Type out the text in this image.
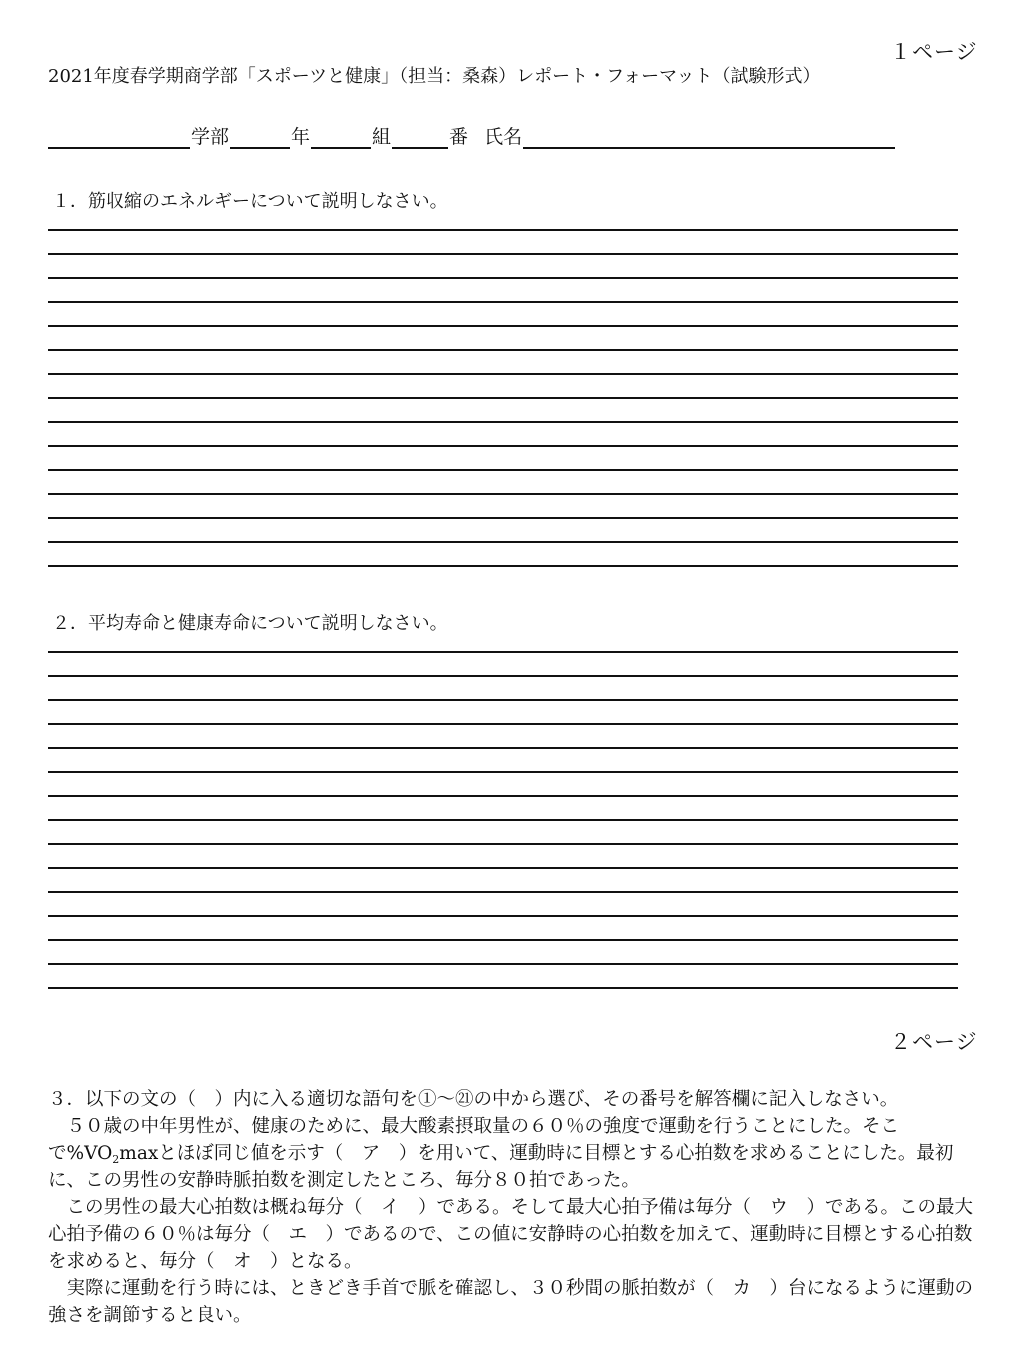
１ページ
2021年度春学期商学部「スポーツと健康」（担当：桑森）レポート・フォーマット（試験形式）
学部	年	組	番 氏名
１．筋収縮のエネルギーについて説明しなさい。
２．平均寿命と健康寿命について説明しなさい。
２ページ

３．以下の文の（　）内に入る適切な語句を①〜㉑の中から選び、その番号を解答欄に記入しなさい。

５０歳の中年男性が、健康のために、最大酸素摂取量の６０％の強度で運動を行うことにした。そこで$\%VO_2\max$とほぼ同じ値を示す（　ア　）を用いて、運動時に目標とする心拍数を求めることにした。最初に、この男性の安静時脈拍数を測定したところ、毎分８０拍であった。

この男性の最大心拍数は概ね毎分（　イ　）である。そして最大心拍予備は毎分（　ウ　）である。この最大心拍予備の６０％は毎分（　エ　）であるので、この値に安静時の心拍数を加えて、運動時に目標とする心拍数を求めると、毎分（　オ　）となる。

実際に運動を行う時には、ときどき手首で脈を確認し、３０秒間の脈拍数が（　カ　）台になるように運動の強さを調節すると良い。
